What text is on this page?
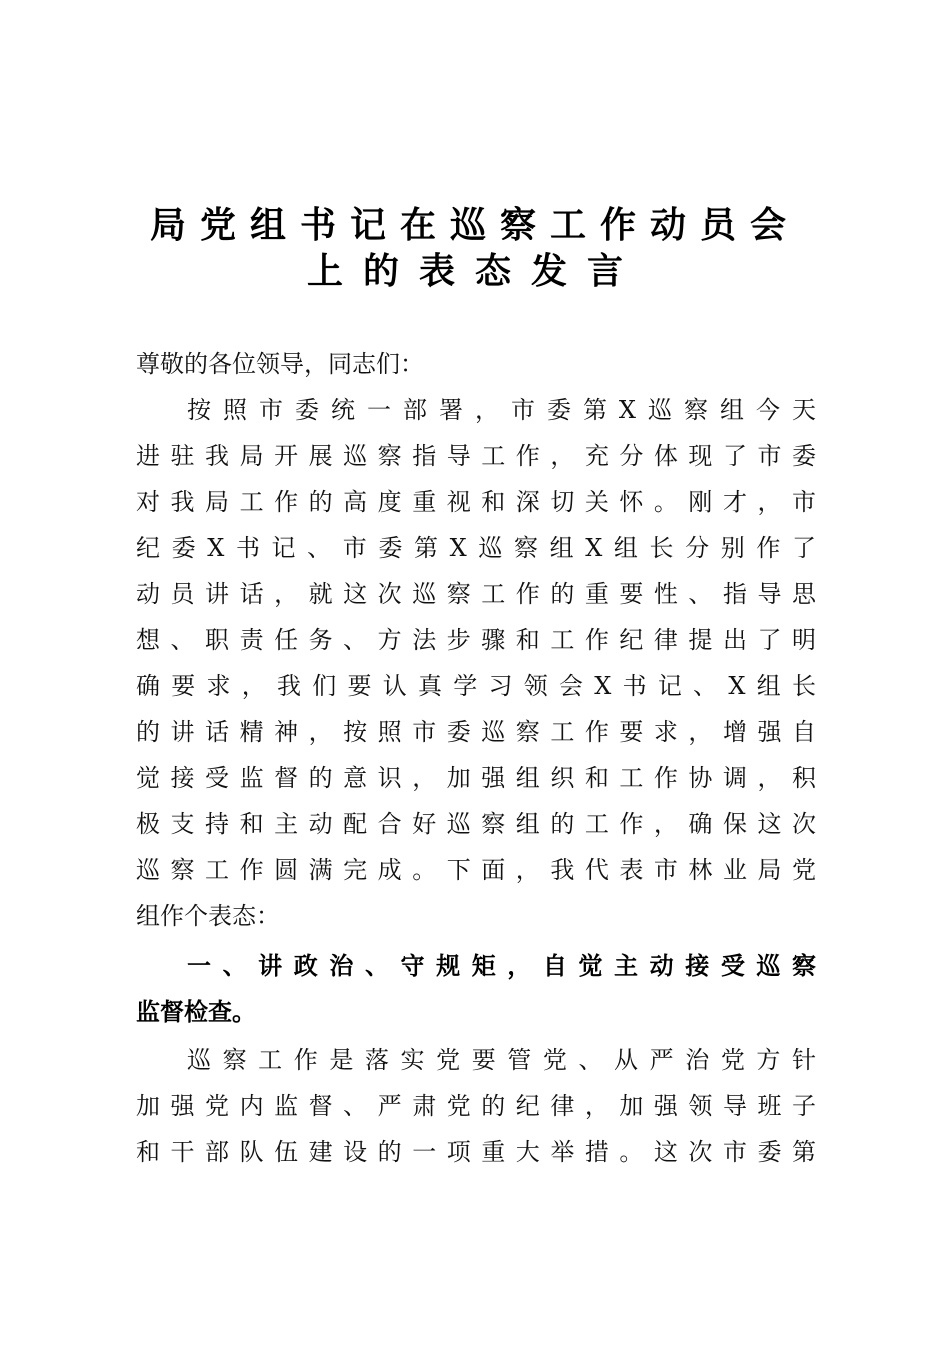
局党组书记在巡察工作动员会
上的表态发言
尊敬的各位领导，同志们：
按照市委统一部署，市委第X巡察组今天
进驻我局开展巡察指导工作，充分体现了市委
对我局工作的高度重视和深切关怀。刚才，市
纪委X书记、市委第X巡察组X组长分别作了
动员讲话，就这次巡察工作的重要性、指导思
想、职责任务、方法步骤和工作纪律提出了明
确要求，我们要认真学习领会X书记、X组长
的讲话精神，按照市委巡察工作要求，增强自
觉接受监督的意识，加强组织和工作协调，积
极支持和主动配合好巡察组的工作，确保这次
巡察工作圆满完成。下面，我代表市林业局党
组作个表态：
一、讲政治、守规矩，自觉主动接受巡察
监督检查。
巡察工作是落实党要管党、从严治党方针
加强党内监督、严肃党的纪律，加强领导班子
和干部队伍建设的一项重大举措。这次市委第
